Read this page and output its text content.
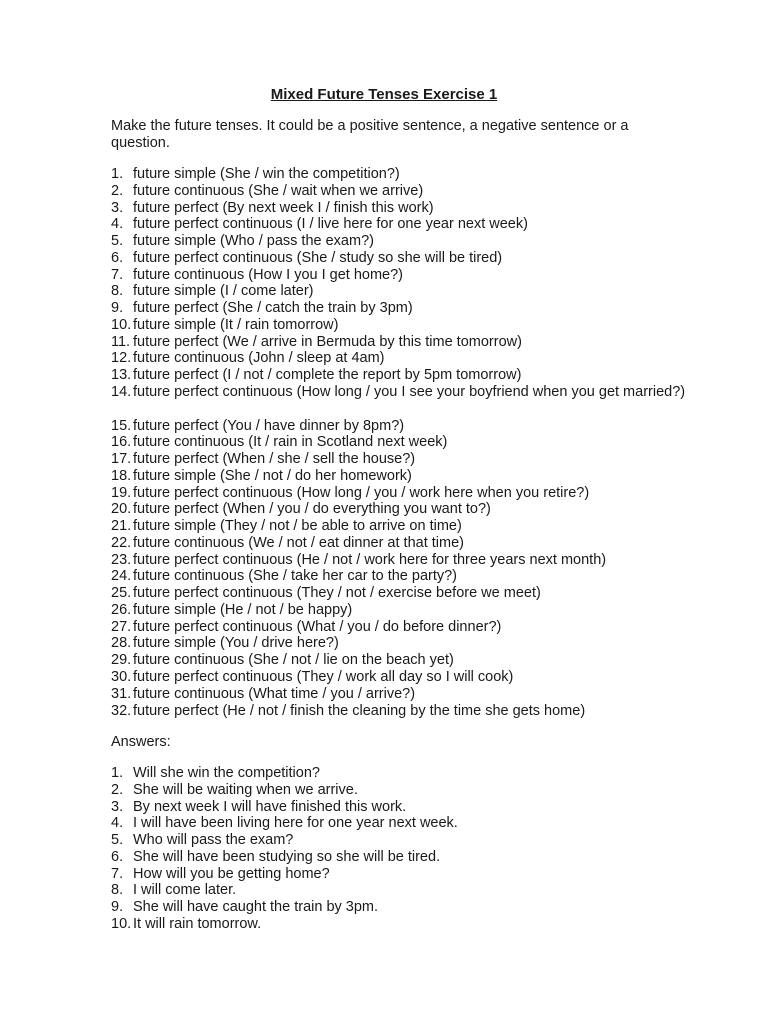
Mixed Future Tenses Exercise 1
Make the future tenses. It could be a positive sentence, a negative sentence or a question.
1. future simple (She / win the competition?)
2. future continuous (She / wait when we arrive)
3. future perfect (By next week I / finish this work)
4. future perfect continuous (I / live here for one year next week)
5. future simple (Who / pass the exam?)
6. future perfect continuous (She / study so she will be tired)
7. future continuous (How I you I get home?)
8. future simple (I / come later)
9. future perfect (She / catch the train by 3pm)
10. future simple (It / rain tomorrow)
11. future perfect (We / arrive in Bermuda by this time tomorrow)
12. future continuous (John / sleep at 4am)
13. future perfect (I / not / complete the report by 5pm tomorrow)
14. future perfect continuous (How long / you I see your boyfriend when you get married?)
15. future perfect (You / have dinner by 8pm?)
16. future continuous (It / rain in Scotland next week)
17. future perfect (When / she / sell the house?)
18. future simple (She / not / do her homework)
19. future perfect continuous (How long / you / work here when you retire?)
20. future perfect (When / you / do everything you want to?)
21. future simple (They / not / be able to arrive on time)
22. future continuous (We / not / eat dinner at that time)
23. future perfect continuous (He / not / work here for three years next month)
24. future continuous (She / take her car to the party?)
25. future perfect continuous (They / not / exercise before we meet)
26. future simple (He / not / be happy)
27. future perfect continuous (What / you / do before dinner?)
28. future simple (You / drive here?)
29. future continuous (She / not / lie on the beach yet)
30. future perfect continuous (They / work all day so I will cook)
31. future continuous (What time / you / arrive?)
32. future perfect (He / not / finish the cleaning by the time she gets home)
Answers:
1. Will she win the competition?
2. She will be waiting when we arrive.
3. By next week I will have finished this work.
4. I will have been living here for one year next week.
5. Who will pass the exam?
6. She will have been studying so she will be tired.
7. How will you be getting home?
8. I will come later.
9. She will have caught the train by 3pm.
10. It will rain tomorrow.
